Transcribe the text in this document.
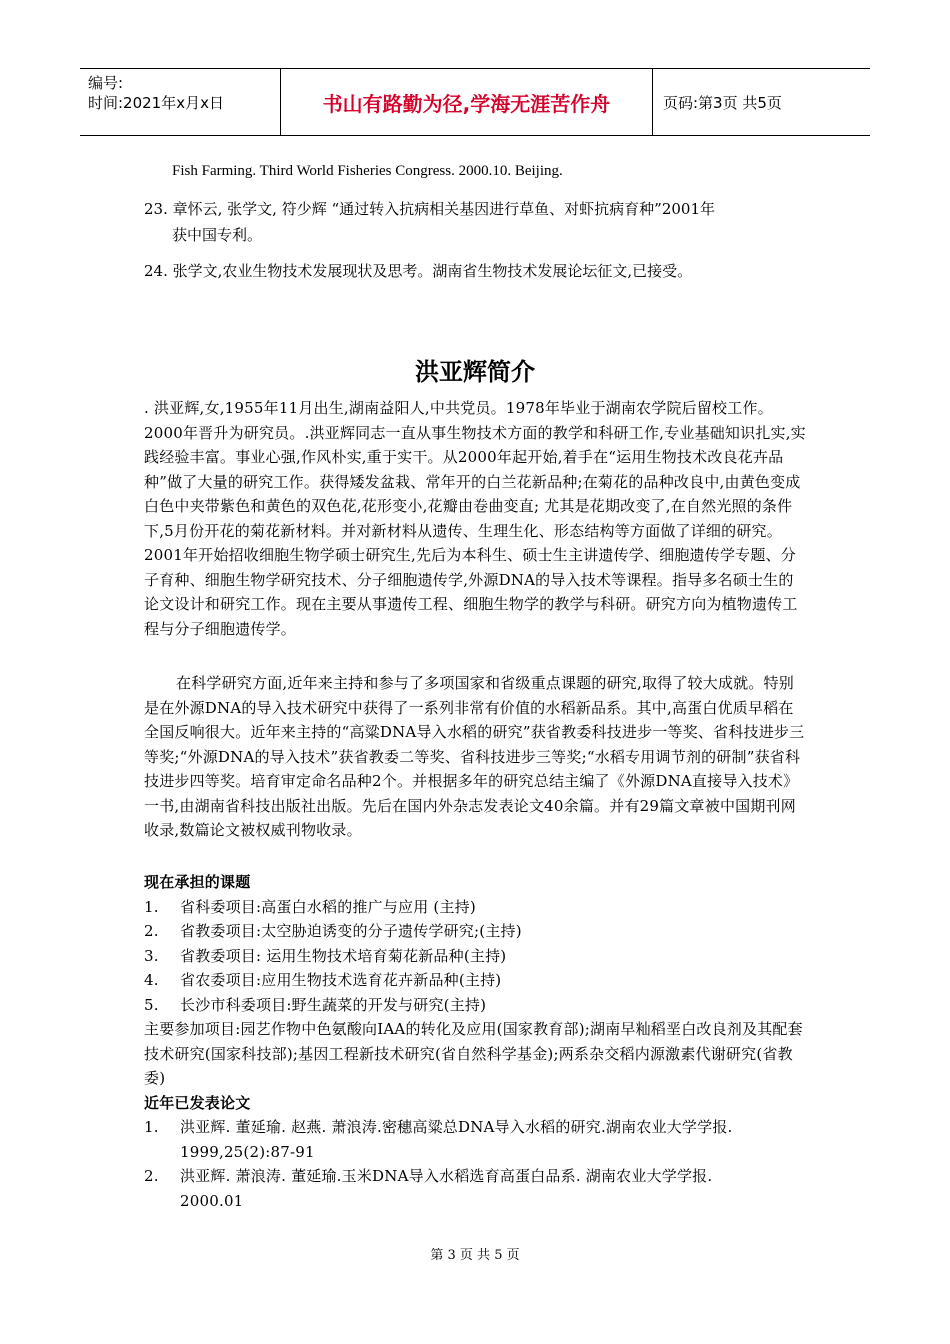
编号:
时间:2021年x月x日	书山有路勤为径,学海无涯苦作舟	页码:第3页 共5页
Fish Farming. Third World Fisheries Congress. 2000.10. Beijing.
23. 章怀云, 张学文, 符少辉 “通过转入抗病相关基因进行草鱼、对虾抗病育种”2001年
获中国专利。
24. 张学文,农业生物技术发展现状及思考。湖南省生物技术发展论坛征文,已接受。
洪亚辉简介
. 洪亚辉,女,1955年11月出生,湖南益阳人,中共党员。1978年毕业于湖南农学院后留校工作。2000年晋升为研究员。.洪亚辉同志一直从事生物技术方面的教学和科研工作,专业基础知识扎实,实践经验丰富。事业心强,作风朴实,重于实干。从2000年起开始,着手在“运用生物技术改良花卉品种”做了大量的研究工作。获得矮发盆栽、常年开的白兰花新品种;在菊花的品种改良中,由黄色变成白色中夹带紫色和黄色的双色花,花形变小,花瓣由卷曲变直; 尤其是花期改变了,在自然光照的条件下,5月份开花的菊花新材料。并对新材料从遗传、生理生化、形态结构等方面做了详细的研究。2001年开始招收细胞生物学硕士研究生,先后为本科生、硕士生主讲遗传学、细胞遗传学专题、分子育种、细胞生物学研究技术、分子细胞遗传学,外源DNA的导入技术等课程。指导多名硕士生的论文设计和研究工作。现在主要从事遗传工程、细胞生物学的教学与科研。研究方向为植物遗传工程与分子细胞遗传学。
在科学研究方面,近年来主持和参与了多项国家和省级重点课题的研究,取得了较大成就。特别是在外源DNA的导入技术研究中获得了一系列非常有价值的水稻新品系。其中,高蛋白优质早稻在全国反响很大。近年来主持的“高粱DNA导入水稻的研究”获省教委科技进步一等奖、省科技进步三等奖;“外源DNA的导入技术”获省教委二等奖、省科技进步三等奖;“水稻专用调节剂的研制”获省科技进步四等奖。培育审定命名品种2个。并根据多年的研究总结主编了《外源DNA直接导入技术》一书,由湖南省科技出版社出版。先后在国内外杂志发表论文40余篇。并有29篇文章被中国期刊网收录,数篇论文被权威刊物收录。
现在承担的课题
1. 省科委项目:高蛋白水稻的推广与应用 (主持)
2. 省教委项目:太空胁迫诱变的分子遗传学研究;(主持)
3. 省教委项目: 运用生物技术培育菊花新品种(主持)
4. 省农委项目:应用生物技术选育花卉新品种(主持)
5. 长沙市科委项目:野生蔬菜的开发与研究(主持)
主要参加项目:园艺作物中色氨酸向IAA的转化及应用(国家教育部);湖南早籼稻垩白改良剂及其配套技术研究(国家科技部);基因工程新技术研究(省自然科学基金);两系杂交稻内源激素代谢研究(省教委)
近年已发表论文
1. 洪亚辉. 董延瑜. 赵燕. 萧浪涛.密穗高粱总DNA导入水稻的研究.湖南农业大学学报.
1999,25(2):87-91
2. 洪亚辉. 萧浪涛. 董延瑜.玉米DNA导入水稻选育高蛋白品系. 湖南农业大学学报.
2000.01
第 3 页 共 5 页
